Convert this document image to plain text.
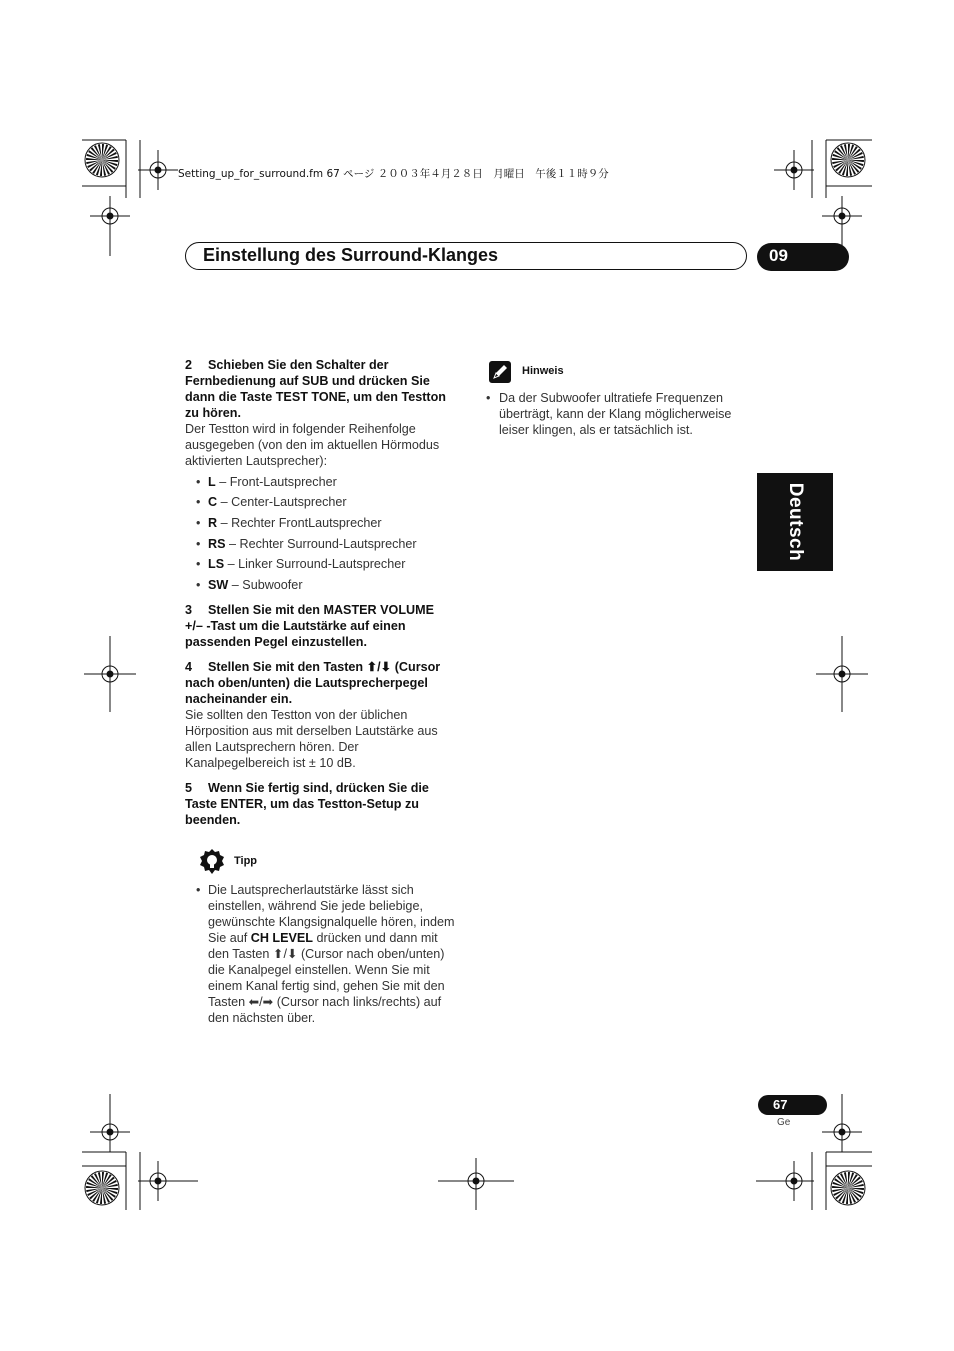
Setting_up_for_surround.fm 67 ページ ２００３年４月２８日　月曜日　午後１１時９分
Einstellung des Surround-Klanges	09
Deutsch
2 Schieben Sie den Schalter der Fernbedienung auf SUB und drücken Sie dann die Taste TEST TONE, um den Testton zu hören.
Der Testton wird in folgender Reihenfolge ausgegeben (von den im aktuellen Hörmodus aktivierten Lautsprecher):
• L – Front-Lautsprecher
• C – Center-Lautsprecher
• R – Rechter FrontLautsprecher
• RS – Rechter Surround-Lautsprecher
• LS – Linker Surround-Lautsprecher
• SW – Subwoofer
3 Stellen Sie mit den MASTER VOLUME +/– -Tast um die Lautstärke auf einen passenden Pegel einzustellen.
4 Stellen Sie mit den Tasten ⬆/⬇ (Cursor nach oben/unten) die Lautsprecherpegel nacheinander ein.
Sie sollten den Testton von der üblichen Hörposition aus mit derselben Lautstärke aus allen Lautsprechern hören. Der Kanalpegelbereich ist ± 10 dB.
5 Wenn Sie fertig sind, drücken Sie die Taste ENTER, um das Testton-Setup zu beenden.
Tipp
• Die Lautsprecherlautstärke lässt sich einstellen, während Sie jede beliebige, gewünschte Klangsignalquelle hören, indem Sie auf CH LEVEL drücken und dann mit den Tasten ⬆/⬇ (Cursor nach oben/unten) die Kanalpegel einstellen. Wenn Sie mit einem Kanal fertig sind, gehen Sie mit den Tasten ⬅/➡ (Cursor nach links/rechts) auf den nächsten über.
Hinweis
• Da der Subwoofer ultratiefe Frequenzen überträgt, kann der Klang möglicherweise leiser klingen, als er tatsächlich ist.
67
Ge
